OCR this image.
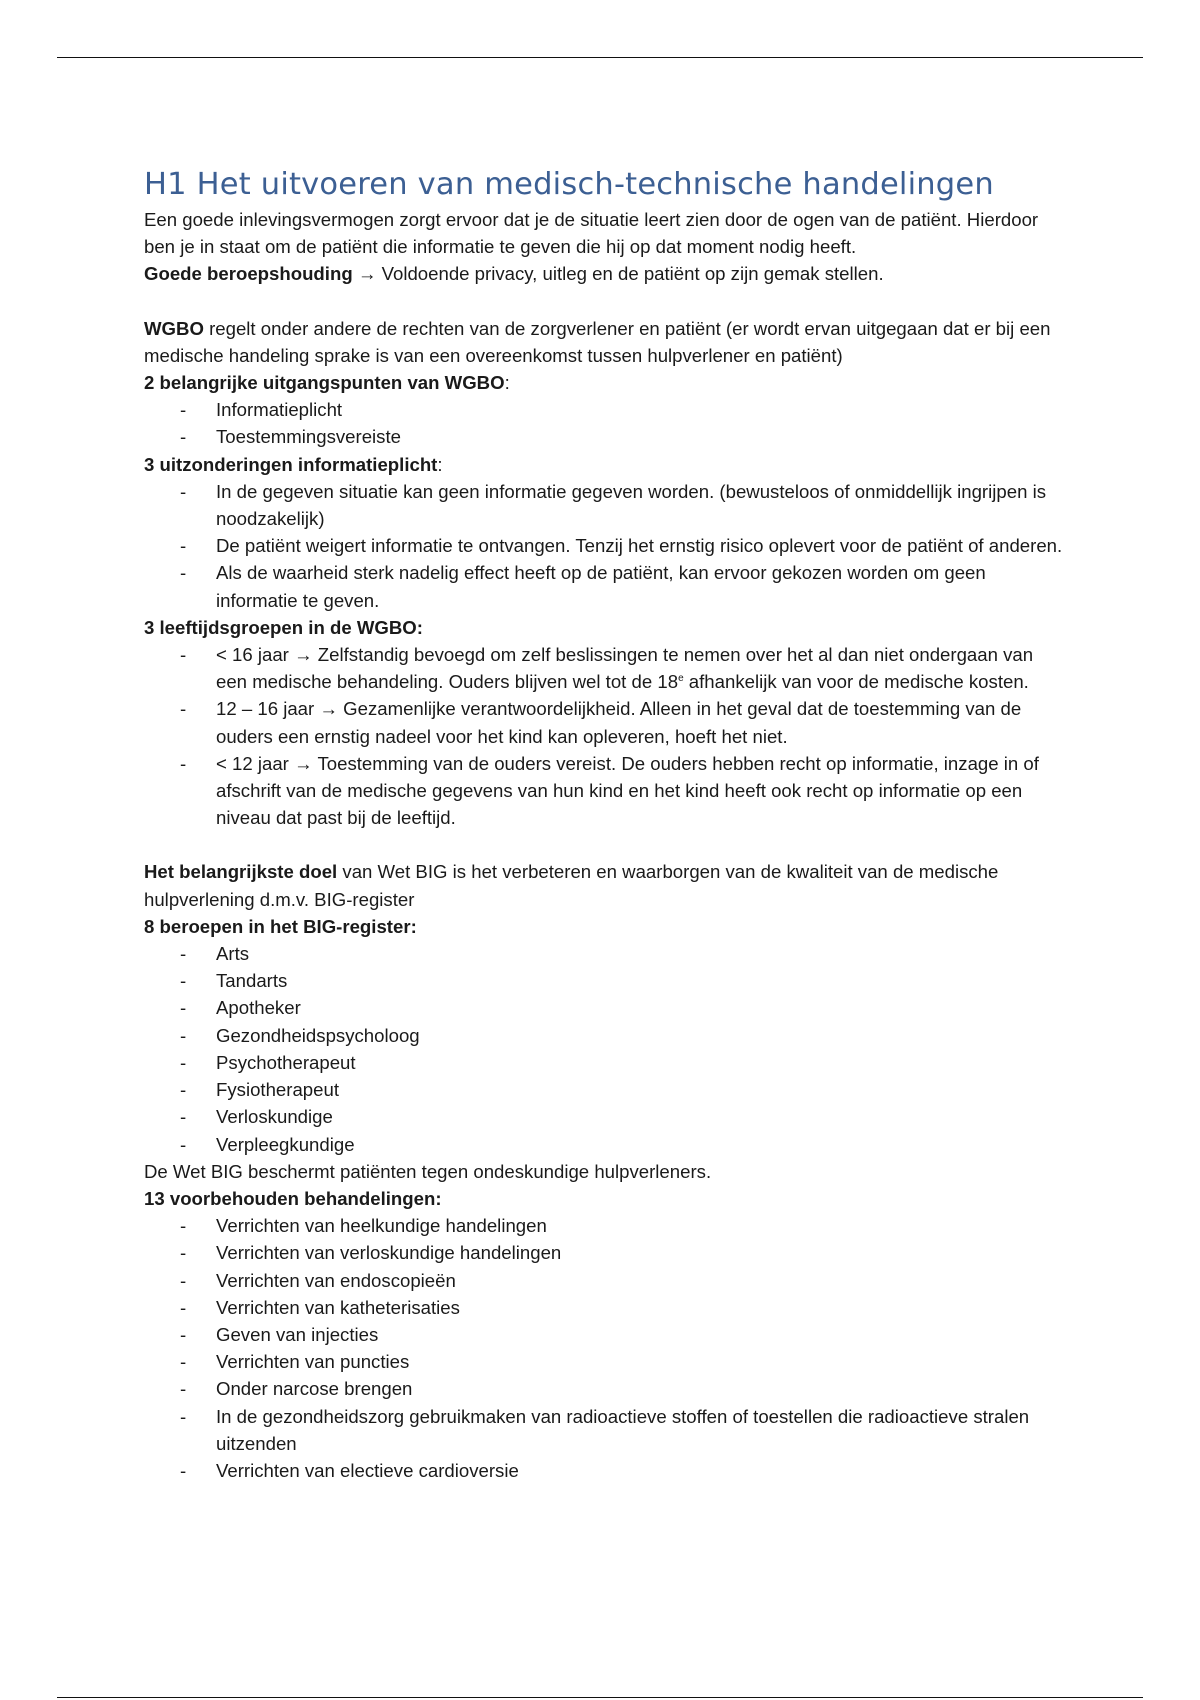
H1 Het uitvoeren van medisch-technische handelingen

Een goede inlevingsvermogen zorgt ervoor dat je de situatie leert zien door de ogen van de patiënt. Hierdoor ben je in staat om de patiënt die informatie te geven die hij op dat moment nodig heeft.

Goede beroepshouding → Voldoende privacy, uitleg en de patiënt op zijn gemak stellen.

WGBO regelt onder andere de rechten van de zorgverlener en patiënt (er wordt ervan uitgegaan dat er bij een medische handeling sprake is van een overeenkomst tussen hulpverlener en patiënt)

2 belangrijke uitgangspunten van WGBO:

- Informatieplicht
- Toestemmingsvereiste

3 uitzonderingen informatieplicht:

- In de gegeven situatie kan geen informatie gegeven worden. (bewusteloos of onmiddellijk ingrijpen is noodzakelijk)
- De patiënt weigert informatie te ontvangen. Tenzij het ernstig risico oplevert voor de patiënt of anderen.
- Als de waarheid sterk nadelig effect heeft op de patiënt, kan ervoor gekozen worden om geen informatie te geven.

3 leeftijdsgroepen in de WGBO:

- < 16 jaar → Zelfstandig bevoegd om zelf beslissingen te nemen over het al dan niet ondergaan van een medische behandeling. Ouders blijven wel tot de 18e afhankelijk van voor de medische kosten.
- 12 – 16 jaar → Gezamenlijke verantwoordelijkheid. Alleen in het geval dat de toestemming van de ouders een ernstig nadeel voor het kind kan opleveren, hoeft het niet.
- < 12 jaar → Toestemming van de ouders vereist. De ouders hebben recht op informatie, inzage in of afschrift van de medische gegevens van hun kind en het kind heeft ook recht op informatie op een niveau dat past bij de leeftijd.

Het belangrijkste doel van Wet BIG is het verbeteren en waarborgen van de kwaliteit van de medische hulpverlening d.m.v. BIG-register

8 beroepen in het BIG-register:

- Arts
- Tandarts
- Apotheker
- Gezondheidspsycholoog
- Psychotherapeut
- Fysiotherapeut
- Verloskundige
- Verpleegkundige

De Wet BIG beschermt patiënten tegen ondeskundige hulpverleners.

13 voorbehouden behandelingen:

- Verrichten van heelkundige handelingen
- Verrichten van verloskundige handelingen
- Verrichten van endoscopieën
- Verrichten van katheterisaties
- Geven van injecties
- Verrichten van puncties
- Onder narcose brengen
- In de gezondheidszorg gebruikmaken van radioactieve stoffen of toestellen die radioactieve stralen uitzenden
- Verrichten van electieve cardioversie
